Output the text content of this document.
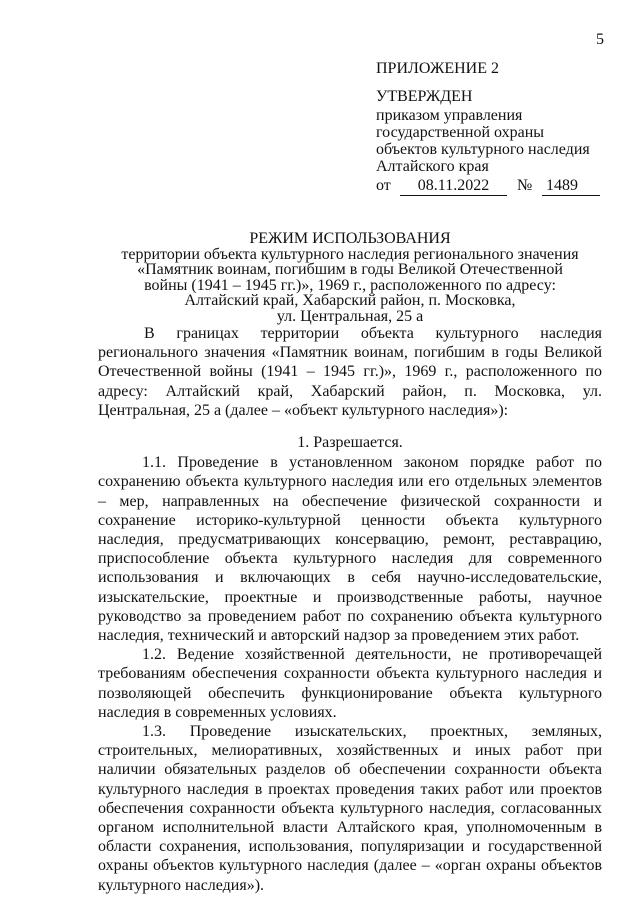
5
ПРИЛОЖЕНИЕ 2
УТВЕРЖДЕН
приказом управления
государственной охраны
объектов культурного наследия
Алтайского края
от	08.11.2022	№ 1489
РЕЖИМ ИСПОЛЬЗОВАНИЯ
территории объекта культурного наследия регионального значения
«Памятник воинам, погибшим в годы Великой Отечественной
войны (1941 – 1945 гг.)», 1969 г., расположенного по адресу:
Алтайский край, Хабарский район, п. Московка,
ул. Центральная, 25 а

В границах территории объекта культурного наследия регионального значения «Памятник воинам, погибшим в годы Великой Отечественной войны (1941 – 1945 гг.)», 1969 г., расположенного по адресу: Алтайский край, Хабарский район, п. Московка, ул. Центральная, 25 а (далее – «объект культурного наследия»):

1. Разрешается.

1.1. Проведение в установленном законом порядке работ по сохранению объекта культурного наследия или его отдельных элементов – мер, направленных на обеспечение физической сохранности и сохранение историко-культурной ценности объекта культурного наследия, предусматривающих консервацию, ремонт, реставрацию, приспособление объекта культурного наследия для современного использования и включающих в себя научно-исследовательские, изыскательские, проектные и производственные работы, научное руководство за проведением работ по сохранению объекта культурного наследия, технический и авторский надзор за проведением этих работ.

1.2. Ведение хозяйственной деятельности, не противоречащей требованиям обеспечения сохранности объекта культурного наследия и позволяющей обеспечить функционирование объекта культурного наследия в современных условиях.

1.3. Проведение изыскательских, проектных, земляных, строительных, мелиоративных, хозяйственных и иных работ при наличии обязательных разделов об обеспечении сохранности объекта культурного наследия в проектах проведения таких работ или проектов обеспечения сохранности объекта культурного наследия, согласованных органом исполнительной власти Алтайского края, уполномоченным в области сохранения, использования, популяризации и государственной охраны объектов культурного наследия (далее – «орган охраны объектов культурного наследия»).
